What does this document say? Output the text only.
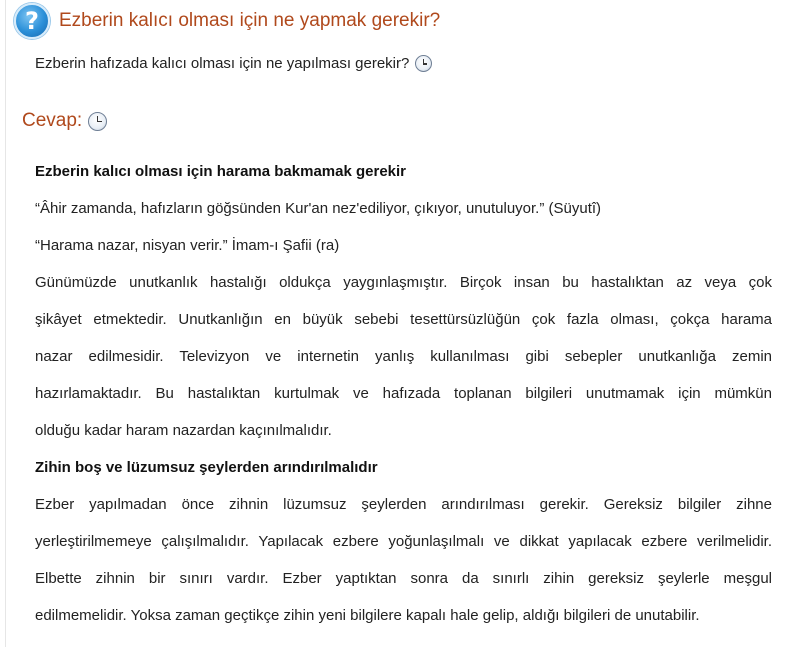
?	Ezberin kalıcı olması için ne yapmak gerekir?
Ezberin hafızada kalıcı olması için ne yapılması gerekir?
Cevap:
Ezberin kalıcı olması için harama bakmamak gerekir
“Âhir zamanda, hafızların göğsünden Kur'an nez'ediliyor, çıkıyor, unutuluyor.” (Süyutî)
“Harama nazar, nisyan verir.” İmam-ı Şafii (ra)
Günümüzde unutkanlık hastalığı oldukça yaygınlaşmıştır. Birçok insan bu hastalıktan az veya çok
şikâyet etmektedir. Unutkanlığın en büyük sebebi tesettürsüzlüğün çok fazla olması, çokça harama
nazar edilmesidir. Televizyon ve internetin yanlış kullanılması gibi sebepler unutkanlığa zemin
hazırlamaktadır. Bu hastalıktan kurtulmak ve hafızada toplanan bilgileri unutmamak için mümkün
olduğu kadar haram nazardan kaçınılmalıdır.
Zihin boş ve lüzumsuz şeylerden arındırılmalıdır
Ezber yapılmadan önce zihnin lüzumsuz şeylerden arındırılması gerekir. Gereksiz bilgiler zihne
yerleştirilmemeye çalışılmalıdır. Yapılacak ezbere yoğunlaşılmalı ve dikkat yapılacak ezbere verilmelidir.
Elbette zihnin bir sınırı vardır. Ezber yaptıktan sonra da sınırlı zihin gereksiz şeylerle meşgul
edilmemelidir. Yoksa zaman geçtikçe zihin yeni bilgilere kapalı hale gelip, aldığı bilgileri de unutabilir.
